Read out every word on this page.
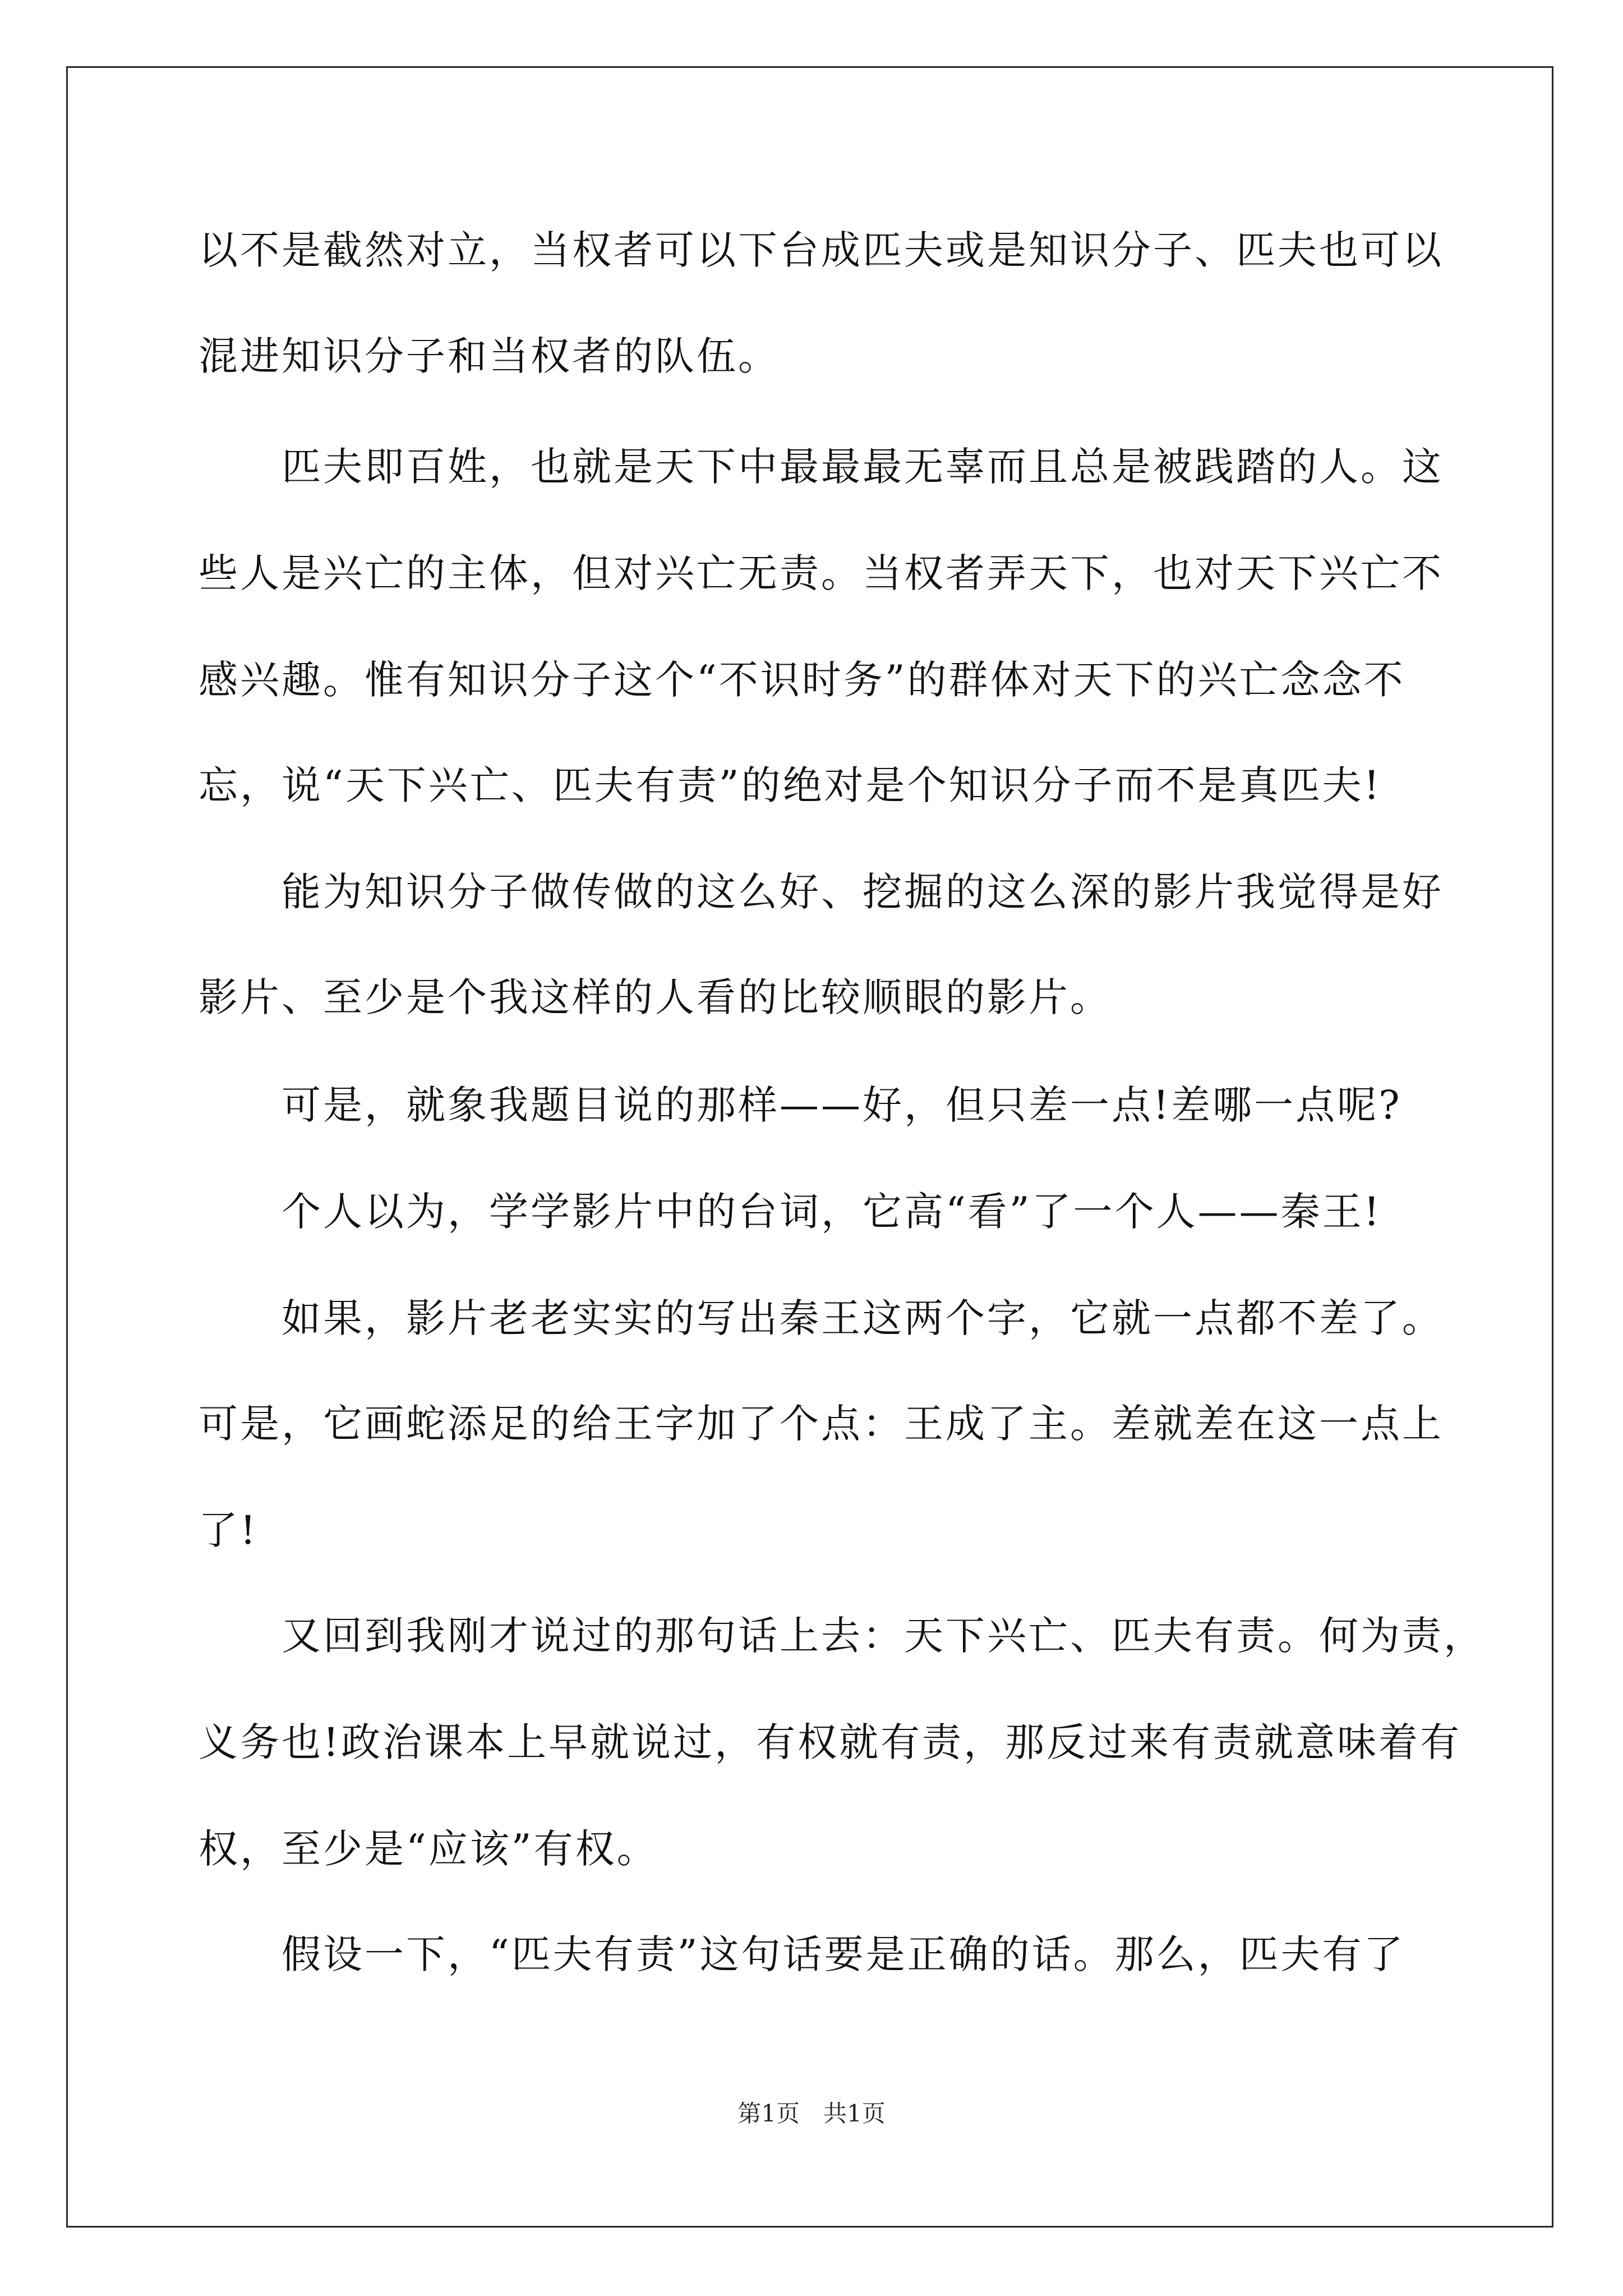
以不是截然对立，当权者可以下台成匹夫或是知识分子、匹夫也可以
混进知识分子和当权者的队伍。
匹夫即百姓，也就是天下中最最最无辜而且总是被践踏的人。这
些人是兴亡的主体，但对兴亡无责。当权者弄天下，也对天下兴亡不
感兴趣。惟有知识分子这个“不识时务”的群体对天下的兴亡念念不
忘，说“天下兴亡、匹夫有责”的绝对是个知识分子而不是真匹夫!
能为知识分子做传做的这么好、挖掘的这么深的影片我觉得是好
影片、至少是个我这样的人看的比较顺眼的影片。
可是，就象我题目说的那样——好，但只差一点!差哪一点呢?
个人以为，学学影片中的台词，它高“看”了一个人——秦王!
如果，影片老老实实的写出秦王这两个字，它就一点都不差了。
可是，它画蛇添足的给王字加了个点：王成了主。差就差在这一点上
了!
又回到我刚才说过的那句话上去：天下兴亡、匹夫有责。何为责，
义务也!政治课本上早就说过，有权就有责，那反过来有责就意味着有
权，至少是“应该”有权。
假设一下，“匹夫有责”这句话要是正确的话。那么，匹夫有了
第1页　共1页
